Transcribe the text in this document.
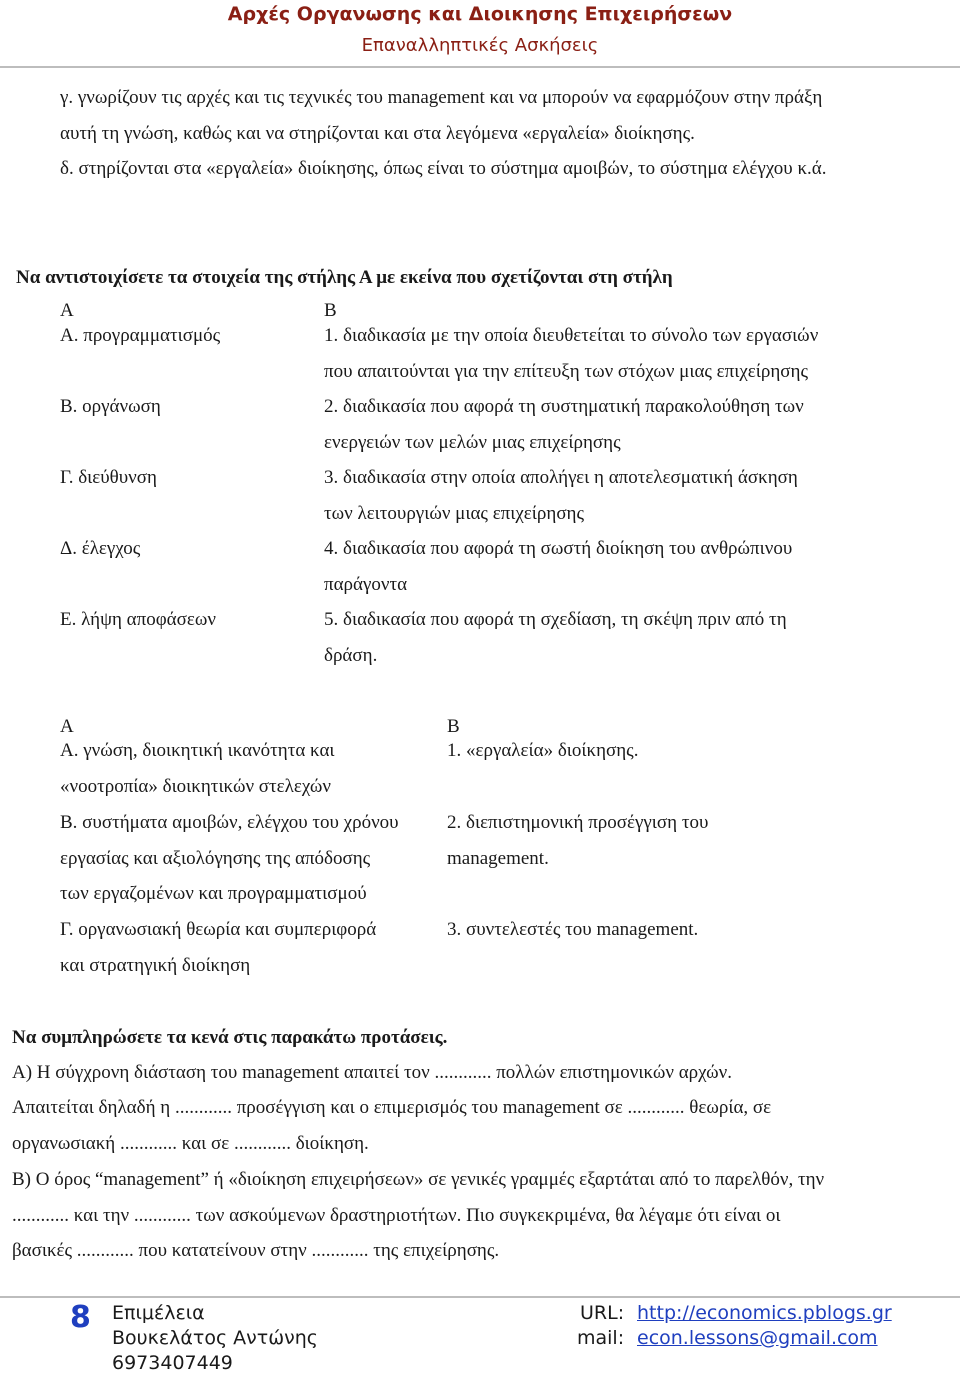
Αρχές Οργανωσης και Διοικησης Επιχειρήσεων
Επαναλληπτικές Ασκήσεις
γ. γνωρίζουν τις αρχές και τις τεχνικές του management και να μπορούν να εφαρμόζουν στην πράξη
αυτή τη γνώση, καθώς και να στηρίζονται και στα λεγόμενα «εργαλεία» διοίκησης.
δ. στηρίζονται στα «εργαλεία» διοίκησης, όπως είναι το σύστημα αμοιβών, το σύστημα ελέγχου κ.ά.
Να αντιστοιχίσετε τα στοιχεία της στήλης Α με εκείνα που σχετίζονται στη στήλη
Α	Β
Α. προγραμματισμός
Β. οργάνωση
Γ. διεύθυνση
Δ. έλεγχος
Ε. λήψη αποφάσεων
1. διαδικασία με την οποία διευθετείται το σύνολο των εργασιών
που απαιτούνται για την επίτευξη των στόχων μιας επιχείρησης
2. διαδικασία που αφορά τη συστηματική παρακολούθηση των
ενεργειών των μελών μιας επιχείρησης
3. διαδικασία στην οποία απολήγει η αποτελεσματική άσκηση
των λειτουργιών μιας επιχείρησης
4. διαδικασία που αφορά τη σωστή διοίκηση του ανθρώπινου
παράγοντα
5. διαδικασία που αφορά τη σχεδίαση, τη σκέψη πριν από τη
δράση.
Α	Β
Α. γνώση, διοικητική ικανότητα και
«νοοτροπία» διοικητικών στελεχών
Β. συστήματα αμοιβών, ελέγχου του χρόνου
εργασίας και αξιολόγησης της απόδοσης
των εργαζομένων και προγραμματισμού
Γ. οργανωσιακή θεωρία και συμπεριφορά
και στρατηγική διοίκηση
1. «εργαλεία» διοίκησης.
2. διεπιστημονική προσέγγιση του
management.
3. συντελεστές του management.
Να συμπληρώσετε τα κενά στις παρακάτω προτάσεις.
Α) Η σύγχρονη διάσταση του management απαιτεί τον ............ πολλών επιστημονικών αρχών.
Απαιτείται δηλαδή η ............ προσέγγιση και ο επιμερισμός του management σε ............ θεωρία, σε
οργανωσιακή ............ και σε ............ διοίκηση.
Β) Ο όρος “management” ή «διοίκηση επιχειρήσεων» σε γενικές γραμμές εξαρτάται από το παρελθόν, την
............ και την ............ των ασκούμενων δραστηριοτήτων. Πιο συγκεκριμένα, θα λέγαμε ότι είναι οι
βασικές ............ που κατατείνουν στην ............ της επιχείρησης.
8 Επιμέλεια
Βουκελάτος Αντώνης
6973407449
URL: http://economics.pblogs.gr
mail: econ.lessons@gmail.com
